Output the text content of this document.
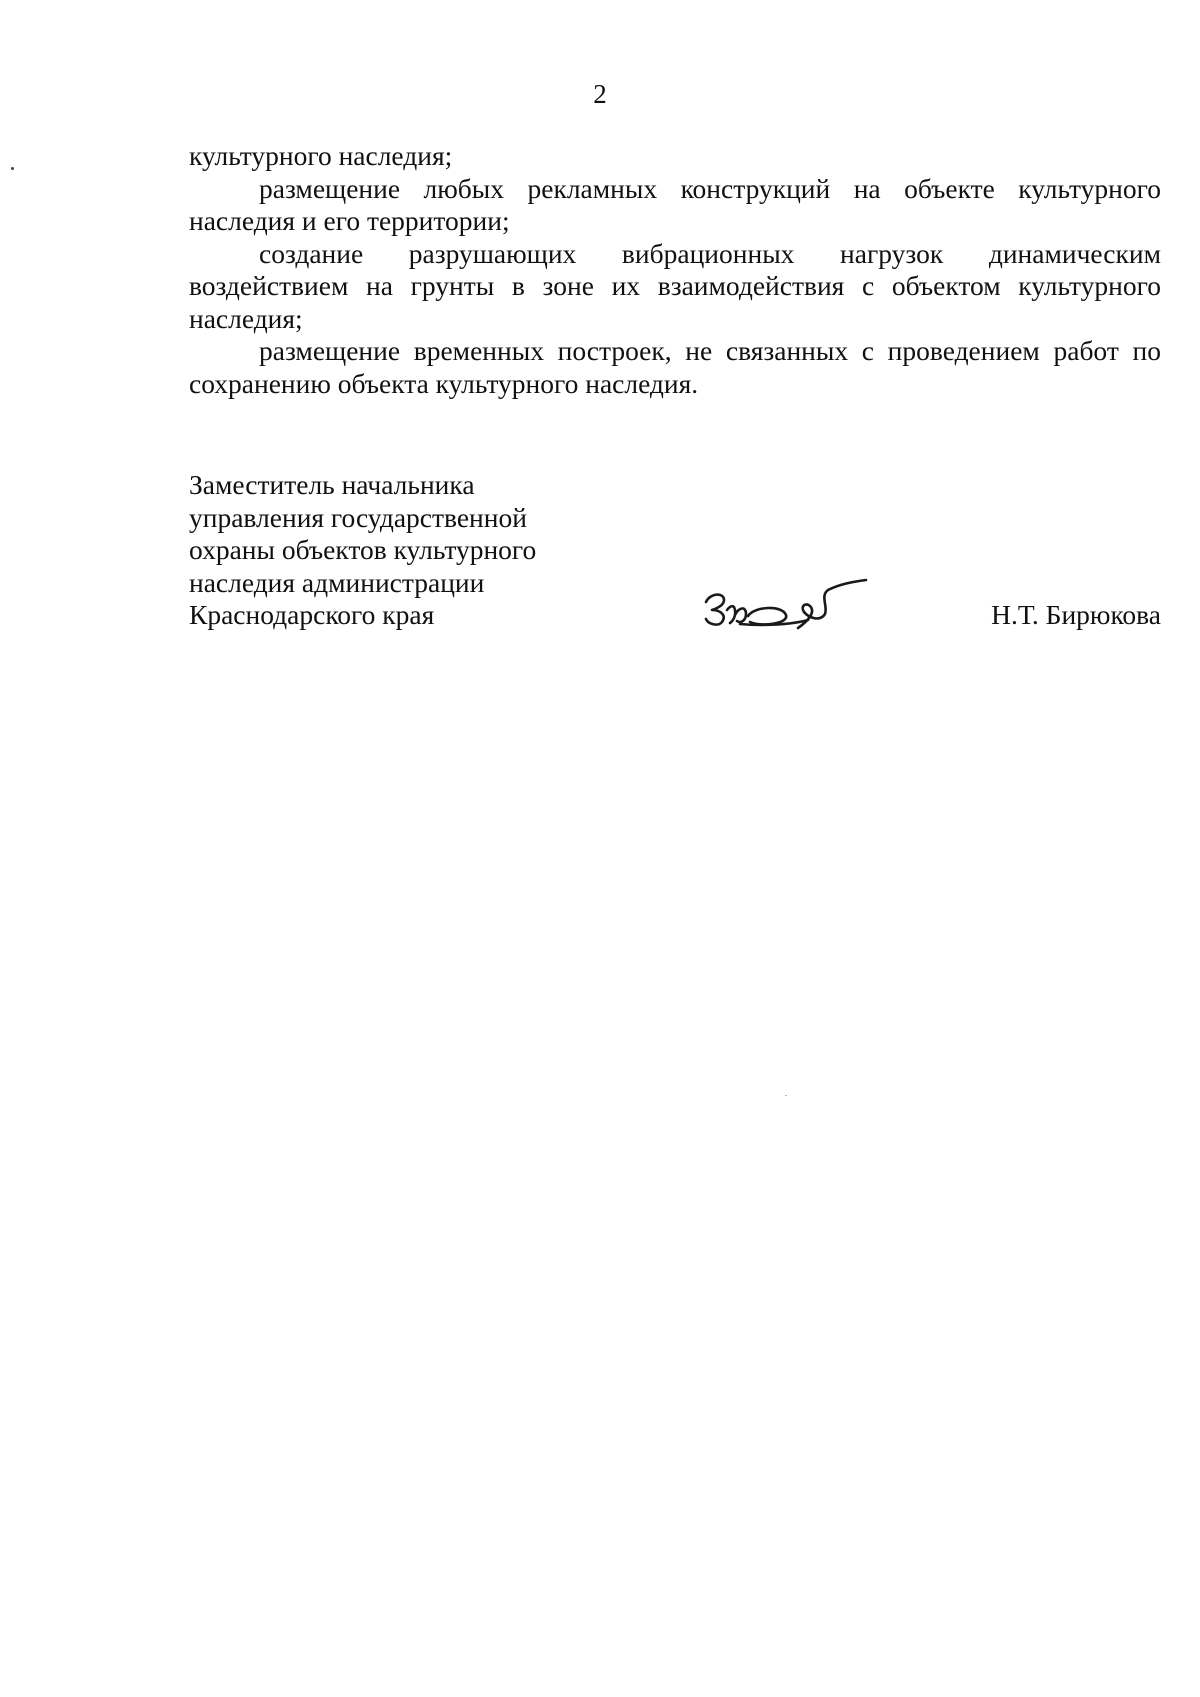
2

культурного наследия;

размещение любых рекламных конструкций на объекте культурного наследия и его территории;

создание разрушающих вибрационных нагрузок динамическим воздействием на грунты в зоне их взаимодействия с объектом культурного наследия;

размещение временных построек, не связанных с проведением работ по сохранению объекта культурного наследия.

Заместитель начальника
управления государственной
охраны объектов культурного
наследия администрации
Краснодарского края	Н.Т. Бирюкова
